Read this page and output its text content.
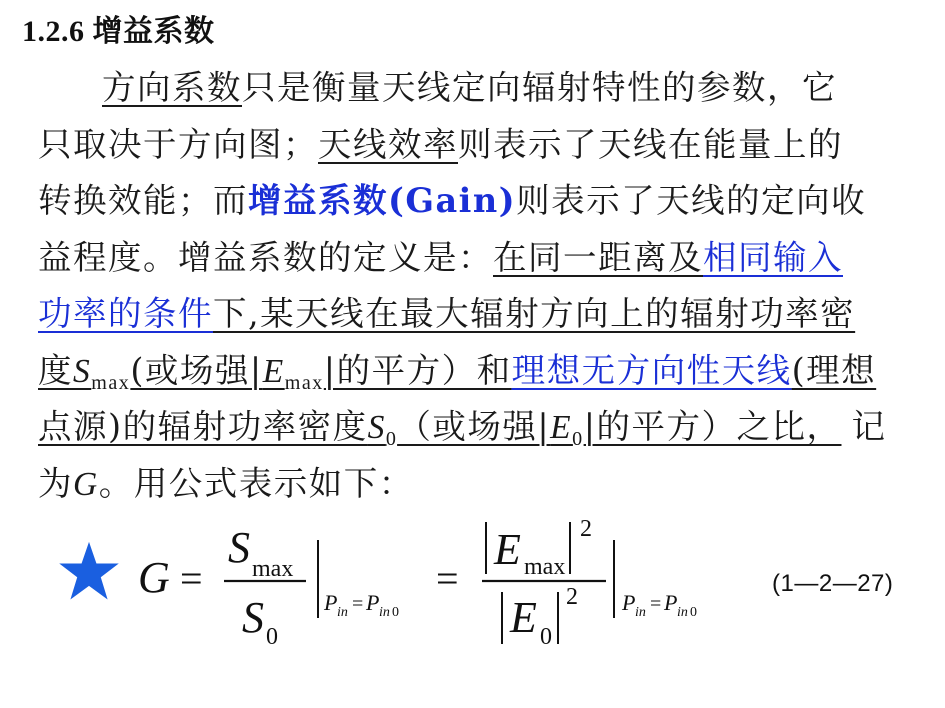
1.2.6 增益系数
方向系数只是衡量天线定向辐射特性的参数，它
只取决于方向图；天线效率则表示了天线在能量上的
转换效能；而增益系数(Gain)则表示了天线的定向收
益程度。增益系数的定义是：在同一距离及相同输入
功率的条件下,某天线在最大辐射方向上的辐射功率密
度$S_{max}$(或场强$|E_{max}|$的平方）和理想无方向性天线(理想
点源)的辐射功率密度$S_0$（或场强$|E_0|$的平方）之比， 记
为G。用公式表示如下：
G =
S max
S 0
P in = P in 0
=
E max
2
E 0
2 P in = P in 0
(1—2—27)
